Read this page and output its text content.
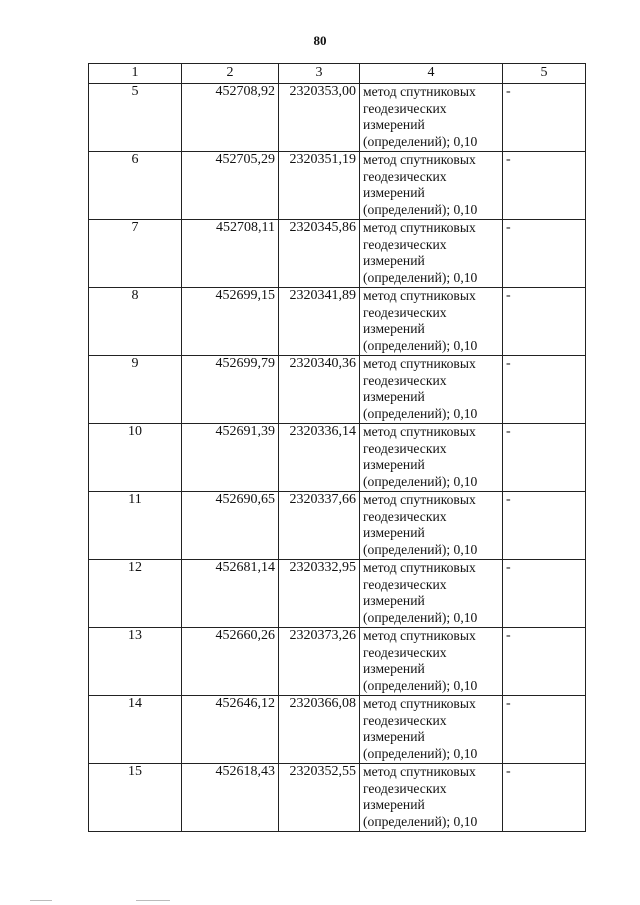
80
1	2	3	4	5
5	452708,92	2320353,00	метод спутниковых
геодезических
измерений
(определений); 0,10	-
6	452705,29	2320351,19	метод спутниковых
геодезических
измерений
(определений); 0,10	-
7	452708,11	2320345,86	метод спутниковых
геодезических
измерений
(определений); 0,10	-
8	452699,15	2320341,89	метод спутниковых
геодезических
измерений
(определений); 0,10	-
9	452699,79	2320340,36	метод спутниковых
геодезических
измерений
(определений); 0,10	-
10	452691,39	2320336,14	метод спутниковых
геодезических
измерений
(определений); 0,10	-
11	452690,65	2320337,66	метод спутниковых
геодезических
измерений
(определений); 0,10	-
12	452681,14	2320332,95	метод спутниковых
геодезических
измерений
(определений); 0,10	-
13	452660,26	2320373,26	метод спутниковых
геодезических
измерений
(определений); 0,10	-
14	452646,12	2320366,08	метод спутниковых
геодезических
измерений
(определений); 0,10	-
15	452618,43	2320352,55	метод спутниковых
геодезических
измерений
(определений); 0,10	-
